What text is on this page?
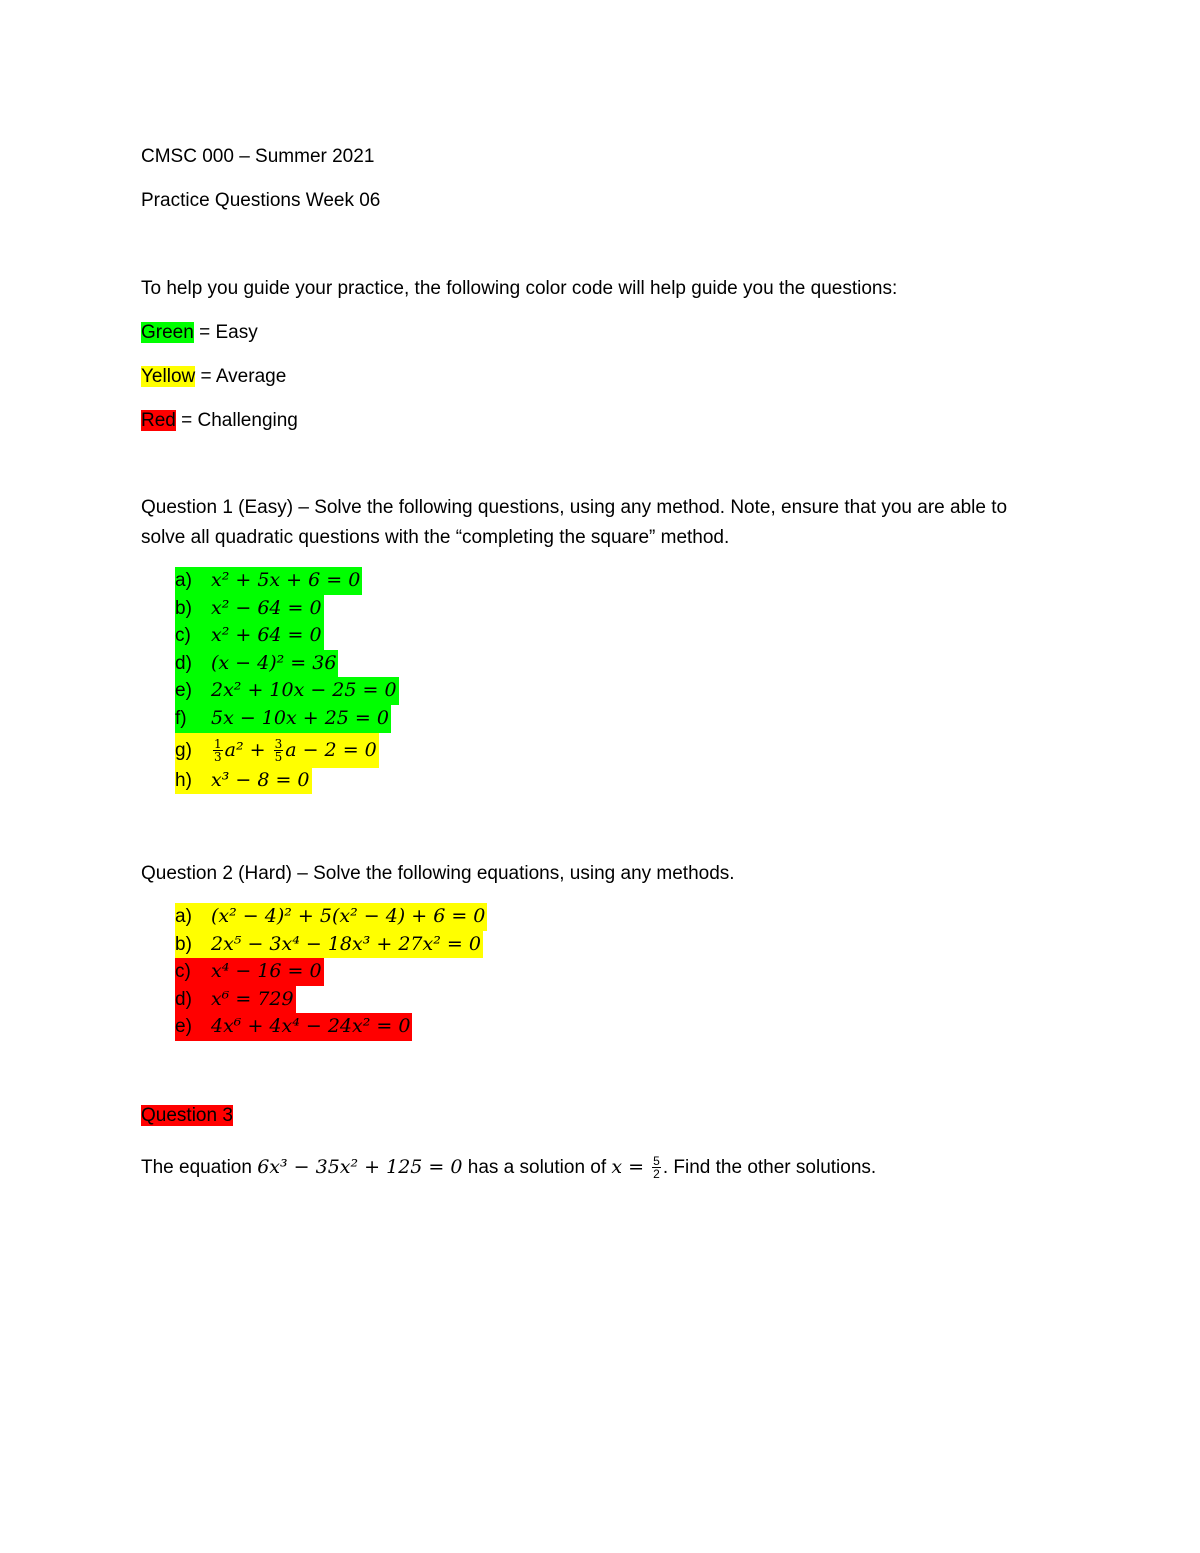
CMSC 000 – Summer 2021
Practice Questions Week 06
To help you guide your practice, the following color code will help guide you the questions:
Green = Easy
Yellow = Average
Red = Challenging
Question 1 (Easy) – Solve the following questions, using any method. Note, ensure that you are able to
solve all quadratic questions with the “completing the square” method.
a) 𝑥² + 5𝑥 + 6 = 0
b) 𝑥² − 64 = 0
c) 𝑥² + 64 = 0
d) (𝑥 − 4)² = 36
e) 2𝑥² + 10𝑥 − 25 = 0
f) 5𝑥 − 10𝑥 + 25 = 0
$g) \frac{1}{3}$ 𝑎² + $\frac{3}{5}$ 𝑎 − 2 = 0
h) 𝑥³ − 8 = 0
Question 2 (Hard) – Solve the following equations, using any methods.
a) (𝑥² − 4)² + 5(𝑥² − 4) + 6 = 0
b) 2𝑥⁵ − 3𝑥⁴ − 18𝑥³ + 27𝑥² = 0
c) 𝑥⁴ − 16 = 0
d) 𝑥⁶ = 729
e) 4𝑥⁶ + 4𝑥⁴ − 24𝑥² = 0
Question 3
The equation 6𝑥³ − 35𝑥² + 125 = 0 has a solution of 𝑥 = $\frac{5}{2}$ . Find the other solutions.
